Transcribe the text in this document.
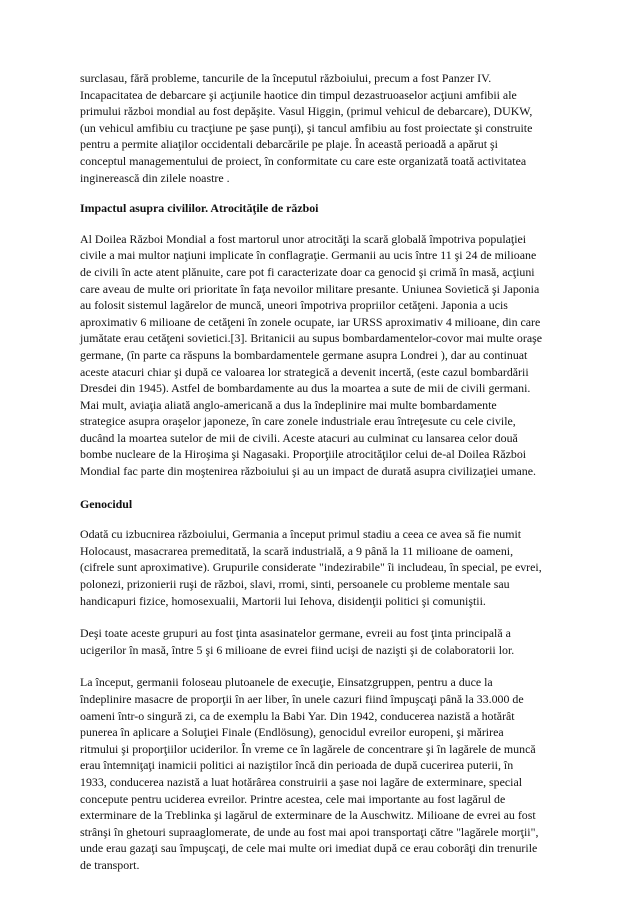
surclasau, fără probleme, tancurile de la începutul războiului, precum a fost Panzer IV. Incapacitatea de debarcare şi acţiunile haotice din timpul dezastruoaselor acţiuni amfibii ale primului război mondial au fost depăşite. Vasul Higgin, (primul vehicul de debarcare), DUKW, (un vehicul amfibiu cu tracţiune pe şase punţi), şi tancul amfibiu au fost proiectate şi construite pentru a permite aliaţilor occidentali debarcările pe plaje. În această perioadă a apărut şi conceptul managementului de proiect, în conformitate cu care este organizată toată activitatea inginerească din zilele noastre .

Impactul asupra civililor. Atrocităţile de război

Al Doilea Război Mondial a fost martorul unor atrocităţi la scară globală împotriva populaţiei civile a mai multor naţiuni implicate în conflagraţie. Germanii au ucis între 11 şi 24 de milioane de civili în acte atent plănuite, care pot fi caracterizate doar ca genocid şi crimă în masă, acţiuni care aveau de multe ori prioritate în faţa nevoilor militare presante. Uniunea Sovietică şi Japonia au folosit sistemul lagărelor de muncă, uneori împotriva propriilor cetăţeni. Japonia a ucis aproximativ 6 milioane de cetăţeni în zonele ocupate, iar URSS aproximativ 4 milioane, din care jumătate erau cetăţeni sovietici.[3]. Britanicii au supus bombardamentelor-covor mai multe oraşe germane, (în parte ca răspuns la bombardamentele germane asupra Londrei ), dar au continuat aceste atacuri chiar şi după ce valoarea lor strategică a devenit incertă, (este cazul bombardării Dresdei din 1945). Astfel de bombardamente au dus la moartea a sute de mii de civili germani. Mai mult, aviaţia aliată anglo-americană a dus la îndeplinire mai multe bombardamente strategice asupra oraşelor japoneze, în care zonele industriale erau întreţesute cu cele civile, ducând la moartea sutelor de mii de civili. Aceste atacuri au culminat cu lansarea celor două bombe nucleare de la Hiroşima şi Nagasaki. Proporţiile atrocităţilor celui de-al Doilea Război Mondial fac parte din moştenirea războiului şi au un impact de durată asupra civilizaţiei umane.

Genocidul

Odată cu izbucnirea războiului, Germania a început primul stadiu a ceea ce avea să fie numit Holocaust, masacrarea premeditată, la scară industrială, a 9 până la 11 milioane de oameni, (cifrele sunt aproximative). Grupurile considerate "indezirabile" îi includeau, în special, pe evrei, polonezi, prizonierii ruşi de război, slavi, rromi, sinti, persoanele cu probleme mentale sau handicapuri fizice, homosexualii, Martorii lui Iehova, disidenţii politici şi comuniştii.

Deşi toate aceste grupuri au fost ţinta asasinatelor germane, evreii au fost ţinta principală a ucigerilor în masă, între 5 şi 6 milioane de evrei fiind ucişi de nazişti şi de colaboratorii lor.

La început, germanii foloseau plutoanele de execuţie, Einsatzgruppen, pentru a duce la îndeplinire masacre de proporţii în aer liber, în unele cazuri fiind împuşcaţi până la 33.000 de oameni într-o singură zi, ca de exemplu la Babi Yar. Din 1942, conducerea nazistă a hotărât punerea în aplicare a Soluţiei Finale (Endlösung), genocidul evreilor europeni, şi mărirea ritmului şi proporţiilor uciderilor. În vreme ce în lagărele de concentrare şi în lagărele de muncă erau întemniţaţi inamicii politici ai naziştilor încă din perioada de după cucerirea puterii, în 1933, conducerea nazistă a luat hotărârea construirii a şase noi lagăre de exterminare, special concepute pentru uciderea evreilor. Printre acestea, cele mai importante au fost lagărul de exterminare de la Treblinka şi lagărul de exterminare de la Auschwitz. Milioane de evrei au fost strânşi în ghetouri supraaglomerate, de unde au fost mai apoi transportaţi către "lagărele morţii", unde erau gazaţi sau împuşcaţi, de cele mai multe ori imediat după ce erau coborâţi din trenurile de transport.
